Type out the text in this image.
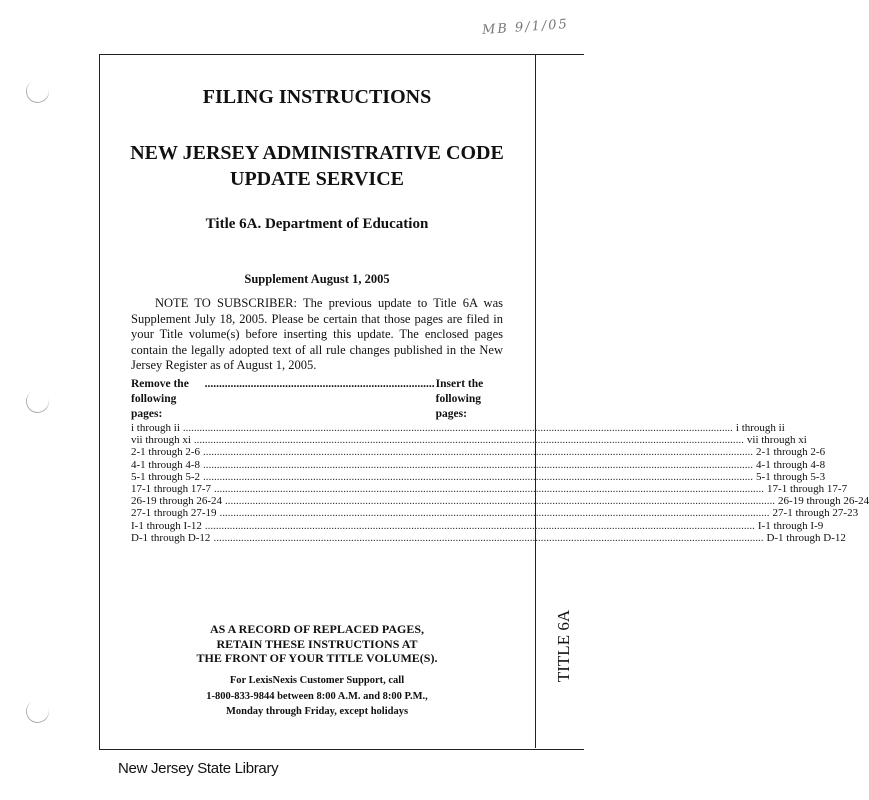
MB 9/1/05
FILING INSTRUCTIONS
NEW JERSEY ADMINISTRATIVE CODE
UPDATE SERVICE
Title 6A. Department of Education
Supplement August 1, 2005
NOTE TO SUBSCRIBER: The previous update to Title 6A was Supplement July 18, 2005. Please be certain that those pages are filed in your Title volume(s) before inserting this update. The enclosed pages contain the legally adopted text of all rule changes published in the New Jersey Register as of August 1, 2005.
Remove the following pages:
................................................................................ Insert the following pages:
i through ii ........................................................................................................................................................................................................ i through ii
vii through xi ........................................................................................................................................................................................................ vii through xi
2-1 through 2-6 ........................................................................................................................................................................................................ 2-1 through 2-6
4-1 through 4-8 ........................................................................................................................................................................................................ 4-1 through 4-8
5-1 through 5-2 ........................................................................................................................................................................................................ 5-1 through 5-3
17-1 through 17-7 ........................................................................................................................................................................................................ 17-1 through 17-7
26-19 through 26-24 ........................................................................................................................................................................................................ 26-19 through 26-24
27-1 through 27-19 ........................................................................................................................................................................................................ 27-1 through 27-23
I-1 through I-12 ........................................................................................................................................................................................................ I-1 through I-9
D-1 through D-12 ........................................................................................................................................................................................................ D-1 through D-12
AS A RECORD OF REPLACED PAGES,
RETAIN THESE INSTRUCTIONS AT
THE FRONT OF YOUR TITLE VOLUME(S).
For LexisNexis Customer Support, call
1-800-833-9844 between 8:00 A.M. and 8:00 P.M.,
Monday through Friday, except holidays
TITLE 6A
New Jersey State Library
